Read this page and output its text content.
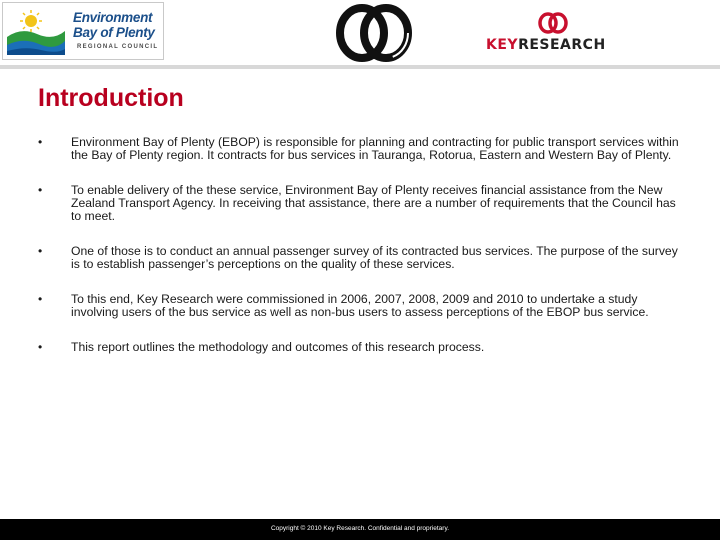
Environment
Bay of Plenty
REGIONAL COUNCIL	KEYRESEARCH
Introduction
• Environment Bay of Plenty (EBOP) is responsible for planning and contracting for public transport services within the Bay of Plenty region. It contracts for bus services in Tauranga, Rotorua, Eastern and Western Bay of Plenty.
• To enable delivery of the these service, Environment Bay of Plenty receives financial assistance from the New Zealand Transport Agency. In receiving that assistance, there are a number of requirements that the Council has to meet.
• One of those is to conduct an annual passenger survey of its contracted bus services. The purpose of the survey is to establish passenger’s perceptions on the quality of these services.
• To this end, Key Research were commissioned in 2006, 2007, 2008, 2009 and 2010 to undertake a study involving users of the bus service as well as non-bus users to assess perceptions of the EBOP bus service.
• This report outlines the methodology and outcomes of this research process.
Copyright © 2010 Key Research. Confidential and proprietary.
